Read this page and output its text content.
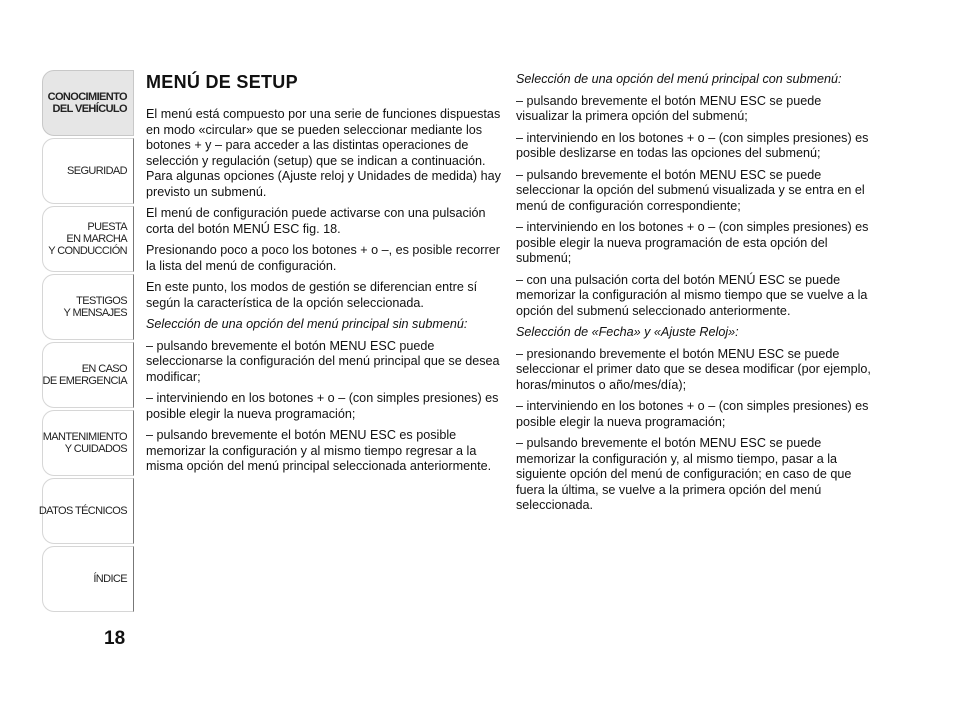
CONOCIMIENTO
DEL VEHÍCULO
SEGURIDAD
PUESTA
EN MARCHA
Y CONDUCCIÓN
TESTIGOS
Y MENSAJES
EN CASO
DE EMERGENCIA
MANTENIMIENTO
Y CUIDADOS
DATOS TÉCNICOS
ÍNDICE
18
MENÚ DE SETUP

El menú está compuesto por una serie de funciones dispuestas en modo «circular» que se pueden seleccionar mediante los botones + y – para acceder a las distintas operaciones de selección y regulación (setup) que se indican a continuación. Para algunas opciones (Ajuste reloj y Unidades de medida) hay previsto un submenú.

El menú de configuración puede activarse con una pulsación corta del botón MENÚ ESC fig. 18.

Presionando poco a poco los botones + o –, es posible recorrer la lista del menú de configuración.

En este punto, los modos de gestión se diferencian entre sí según la característica de la opción seleccionada.

Selección de una opción del menú principal sin submenú:

– pulsando brevemente el botón MENU ESC puede seleccionarse la configuración del menú principal que se desea modificar;

– interviniendo en los botones + o – (con simples presiones) es posible elegir la nueva programación;

– pulsando brevemente el botón MENU ESC es posible memorizar la configuración y al mismo tiempo regresar a la misma opción del menú principal seleccionada anteriormente.

Selección de una opción del menú principal con submenú:

– pulsando brevemente el botón MENU ESC se puede visualizar la primera opción del submenú;

– interviniendo en los botones + o – (con simples presiones) es posible deslizarse en todas las opciones del submenú;

– pulsando brevemente el botón MENU ESC se puede seleccionar la opción del submenú visualizada y se entra en el menú de configuración correspondiente;

– interviniendo en los botones + o – (con simples presiones) es posible elegir la nueva programación de esta opción del submenú;

– con una pulsación corta del botón MENÚ ESC se puede memorizar la configuración al mismo tiempo que se vuelve a la opción del submenú seleccionado anteriormente.

Selección de «Fecha» y «Ajuste Reloj»:

– presionando brevemente el botón MENU ESC se puede seleccionar el primer dato que se desea modificar (por ejemplo, horas/minutos o año/mes/día);

– interviniendo en los botones + o – (con simples presiones) es posible elegir la nueva programación;

– pulsando brevemente el botón MENU ESC se puede memorizar la configuración y, al mismo tiempo, pasar a la siguiente opción del menú de configuración; en caso de que fuera la última, se vuelve a la primera opción del menú seleccionada.
